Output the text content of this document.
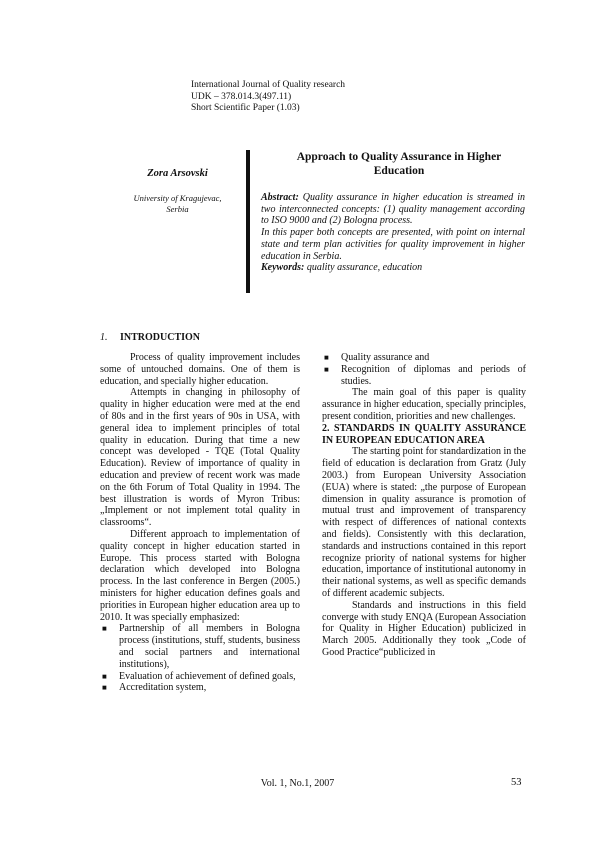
International Journal of Quality research
UDK – 378.014.3(497.11)
Short Scientific Paper (1.03)
Zora Arsovski
University of Kragujevac,
Serbia
Approach to Quality Assurance in Higher
Education

Abstract: Quality assurance in higher education is streamed in two interconnected concepts: (1) quality management according to ISO 9000 and (2) Bologna process.

In this paper both concepts are presented, with point on internal state and term plan activities for quality improvement in higher education in Serbia.

Keywords: quality assurance, education

1. INTRODUCTION

Process of quality improvement includes some of untouched domains. One of them is education, and specially higher education.

Attempts in changing in philosophy of quality in higher education were med at the end of 80s and in the first years of 90s in USA, with general idea to implement principles of total quality in education. During that time a new concept was developed - TQE (Total Quality Education). Review of importance of quality in education and preview of recent work was made on the 6th Forum of Total Quality in 1994. The best illustration is words of Myron Tribus: „Implement or not implement total quality in classrooms“.

Different approach to implementation of quality concept in higher education started in Europe. This process started with Bologna declaration which developed into Bologna process. In the last conference in Bergen (2005.) ministers for higher education defines goals and priorities in European higher education area up to 2010. It was specially emphasized:

■ Partnership of all members in Bologna process (institutions, stuff, students, business and social partners and international institutions),
■ Evaluation of achievement of defined goals,
■ Accreditation system,
■ Quality assurance and
■ Recognition of diplomas and periods of studies.

The main goal of this paper is quality assurance in higher education, specially principles, present condition, priorities and new challenges.

2. STANDARDS IN QUALITY ASSURANCE IN EUROPEAN EDUCATION AREA

The starting point for standardization in the field of education is declaration from Gratz (July 2003.) from European University Association (EUA) where is stated: „the purpose of European dimension in quality assurance is promotion of mutual trust and improvement of transparency with respect of differences of national contexts and fields). Consistently with this declaration, standards and instructions contained in this report recognize priority of national systems for higher education, importance of institutional autonomy in their national systems, as well as specific demands of different academic subjects.

Standards and instructions in this field converge with study ENQA (European Association for Quality in Higher Education) publicized in March 2005. Additionally they took „Code of Good Practice“publicized in

Vol. 1, No.1, 2007	53
